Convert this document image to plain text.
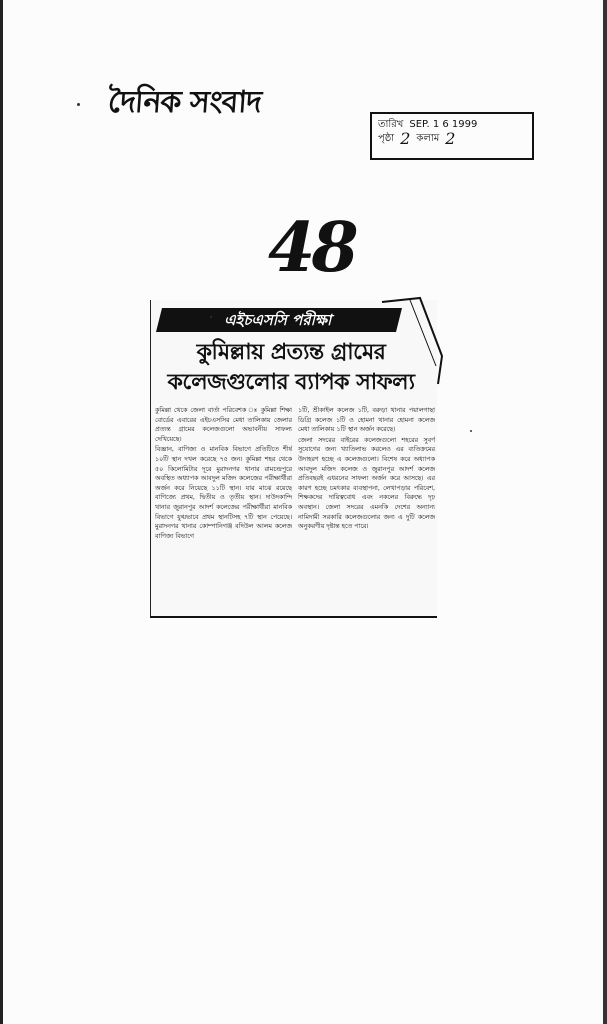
দৈনিক সংবাদ
তারিখ SEP. 1 6 1999
পৃষ্ঠা 2 কলাম 2
48
এইচএসসি পরীক্ষা
কুমিল্লায় প্রত্যন্ত গ্রামের
কলেজগুলোর ব্যাপক সাফল্য

কুমিল্লা থেকে জেলা বার্তা পরিবেশক ঃ কুমিল্লা শিক্ষা বোর্ডের এবারের এইচএসসির মেধা তালিকায় জেলার প্রত্যন্ত গ্রামের কলেজগুলো অভাবনীয় সাফল্য দেখিয়েছে।

বিজ্ঞান, বাণিজ্য ও মানবিক বিভাগে প্রতিটিতে শীর্ষ ১০টি স্থান দখল করেছে ৭৫ জন। কুমিল্লা শহর থেকে ৫০ কিলোমিটার দূরে মুরাদনগর থানার রামচন্দ্রপুরে অবস্থিত অধ্যাপক আবদুল মজিদ কলেজের পরীক্ষার্থীরা অর্জন করে নিয়েছে ১১টি স্থান। যার মাঝে রয়েছে বাণিজ্যে প্রথম, দ্বিতীয় ও তৃতীয় স্থান। দাউদকান্দি থানার জুরানপুর আদর্শ কলেজের পরীক্ষার্থীরা মানবিক বিভাগে যুগ্মভাবে প্রথম স্থানটিসহ ৭টি স্থান পেয়েছে। মুরাদনগর থানার কোম্পানিগঞ্জ বদিউল আলম কলেজ বাণিজ্য বিভাগে

১টি, শ্রীকাইল কলেজ ১টি, বরুড়া থানার পয়ালগাছা ডিগ্রি কলেজ ১টি ও হোমনা থানার হোমনা কলেজ মেধা তালিকায় ১টি স্থান অর্জন করেছে।

জেলা সদরের বাইরের কলেজগুলো শহরের সুবর্ণ সুযোগের জন্য খ্যাতিলাভ করলেও এর ব্যতিক্রমের উদাহরণ হচ্ছে এ কলেজগুলো। বিশেষ করে অধ্যাপক আবদুল মজিদ কলেজ ও জুরানপুর আদর্শ কলেজ প্রতিবছরই এধরনের সাফল্য অর্জন করে আসছে। এর কারণ হচ্ছে চমৎকার ব্যবস্থাপনা, লেখাপড়ার পরিবেশ, শিক্ষকদের দায়িত্ববোধ এবং নকলের বিরুদ্ধে দৃঢ় অবস্থান। জেলা সদরের এমনকি দেশের অন্যান্য নামিদামী সরকারি কলেজগুলোর জন্য এ দুটি কলেজ অনুকরণীয় দৃষ্টান্ত হতে পারে।
